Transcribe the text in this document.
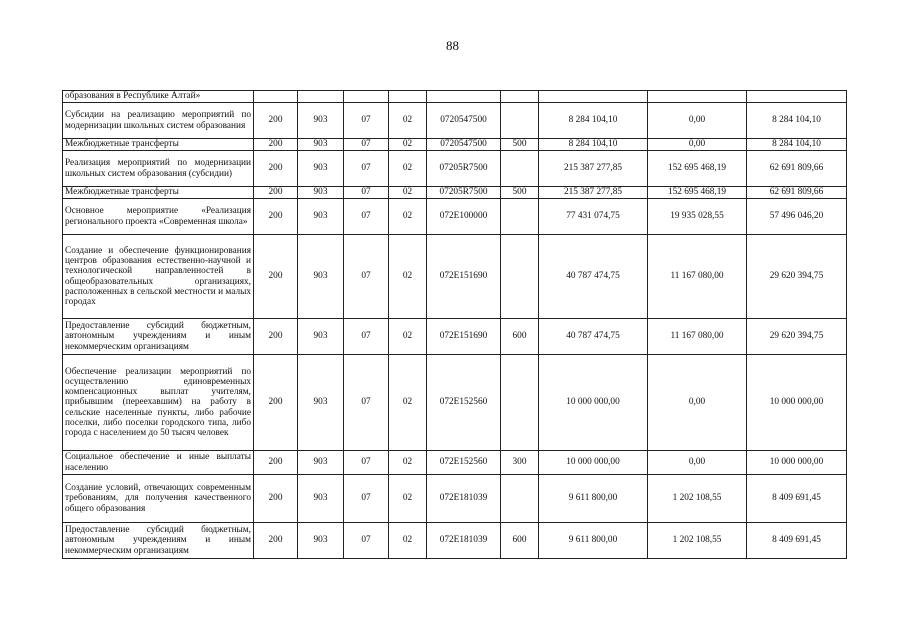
88
образования в Республике Алтай»									
Субсидии на реализацию мероприятий по модернизации школьных систем образования	200	903	07	02	0720547500		8 284 104,10	0,00	8 284 104,10
Межбюджетные трансферты	200	903	07	02	0720547500	500	8 284 104,10	0,00	8 284 104,10
Реализация мероприятий по модернизации школьных систем образования (субсидии)	200	903	07	02	07205R7500		215 387 277,85	152 695 468,19	62 691 809,66
Межбюджетные трансферты	200	903	07	02	07205R7500	500	215 387 277,85	152 695 468,19	62 691 809,66
Основное мероприятие «Реализация регионального проекта «Современная школа»	200	903	07	02	072E100000		77 431 074,75	19 935 028,55	57 496 046,20
Создание и обеспечение функционирования центров образования естественно-научной и технологической направленностей в общеобразовательных организациях, расположенных в сельской местности и малых городах	200	903	07	02	072E151690		40 787 474,75	11 167 080,00	29 620 394,75
Предоставление субсидий бюджетным, автономным учреждениям и иным некоммерческим организациям	200	903	07	02	072E151690	600	40 787 474,75	11 167 080,00	29 620 394,75
Обеспечение реализации мероприятий по осуществлению единовременных компенсационных выплат учителям, прибывшим (переехавшим) на работу в сельские населенные пункты, либо рабочие поселки, либо поселки городского типа, либо города с населением до 50 тысяч человек	200	903	07	02	072E152560		10 000 000,00	0,00	10 000 000,00
Социальное обеспечение и иные выплаты населению	200	903	07	02	072E152560	300	10 000 000,00	0,00	10 000 000,00
Создание условий, отвечающих современным требованиям, для получения качественного общего образования	200	903	07	02	072E181039		9 611 800,00	1 202 108,55	8 409 691,45
Предоставление субсидий бюджетным, автономным учреждениям и иным некоммерческим организациям	200	903	07	02	072E181039	600	9 611 800,00	1 202 108,55	8 409 691,45
